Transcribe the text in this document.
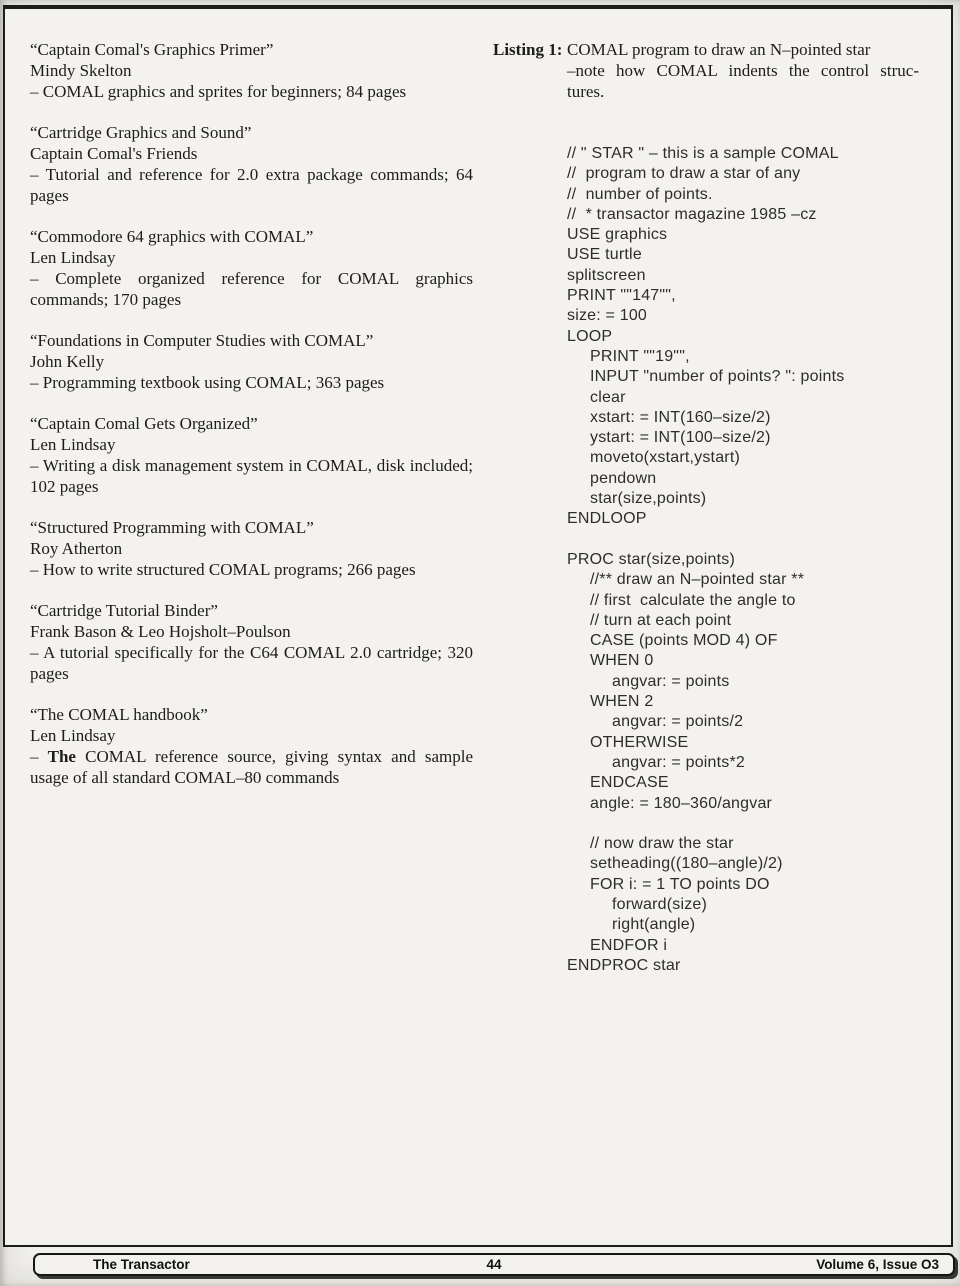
“Captain Comal's Graphics Primer”
Mindy Skelton
– COMAL graphics and sprites for beginners; 84 pages
“Cartridge Graphics and Sound”
Captain Comal's Friends
– Tutorial and reference for 2.0 extra package commands; 64 pages
“Commodore 64 graphics with COMAL”
Len Lindsay
– Complete organized reference for COMAL graphics commands; 170 pages
“Foundations in Computer Studies with COMAL”
John Kelly
– Programming textbook using COMAL; 363 pages
“Captain Comal Gets Organized”
Len Lindsay
– Writing a disk management system in COMAL, disk included; 102 pages
“Structured Programming with COMAL”
Roy Atherton
– How to write structured COMAL programs; 266 pages
“Cartridge Tutorial Binder”
Frank Bason & Leo Hojsholt–Poulson
– A tutorial specifically for the C64 COMAL 2.0 cartridge; 320 pages
“The COMAL handbook”
Len Lindsay
– The COMAL reference source, giving syntax and sample usage of all standard COMAL–80 commands
Listing 1: COMAL program to draw an N–pointed star
–note how COMAL indents the control struc-
tures.
// " STAR " – this is a sample COMAL
//  program to draw a star of any
//  number of points.
//  * transactor magazine 1985 –cz
USE graphics
USE turtle
splitscreen
PRINT ""147"",
size: = 100
LOOP
PRINT ""19"",
INPUT "number of points? ": points
clear
xstart: = INT(160–size/2)
ystart: = INT(100–size/2)
moveto(xstart,ystart)
pendown
star(size,points)
ENDLOOP

PROC star(size,points)
//** draw an N–pointed star **
// first  calculate the angle to
// turn at each point
CASE (points MOD 4) OF
WHEN 0
angvar: = points
WHEN 2
angvar: = points/2
OTHERWISE
angvar: = points*2
ENDCASE
angle: = 180–360/angvar

// now draw the star
setheading((180–angle)/2)
FOR i: = 1 TO points DO
forward(size)
right(angle)
ENDFOR i
ENDPROC star
The Transactor	44	Volume 6, Issue O3
